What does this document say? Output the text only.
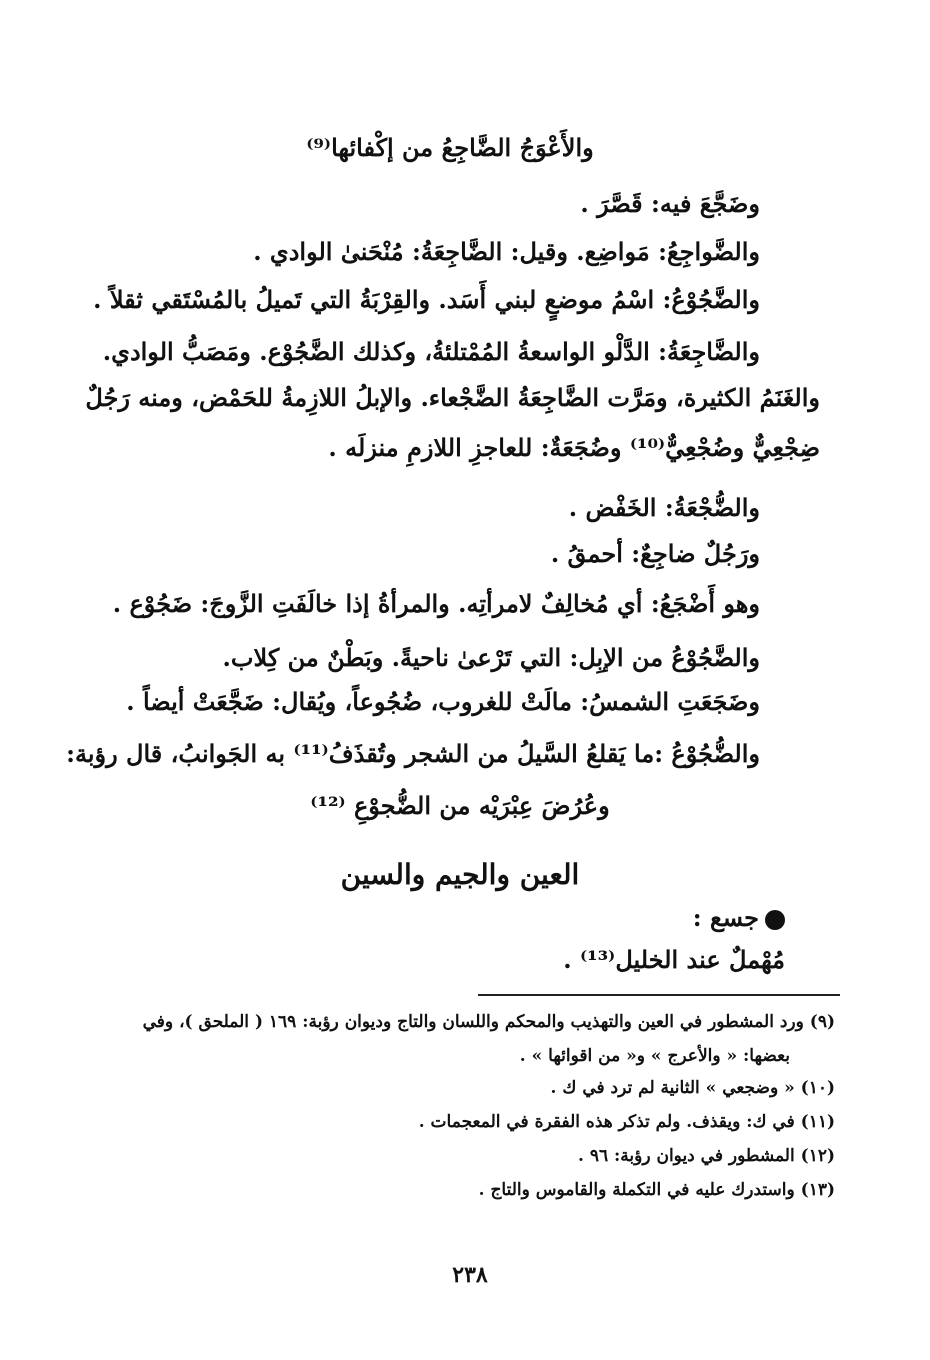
والأَعْوَجُ الضَّاجِعُ من إكْفائها⁽⁹⁾
وضَجَّعَ فيه: قَصَّرَ .
والضَّواجِعُ: مَواضِع. وقيل: الضَّاجِعَةُ: مُنْحَنىٰ الوادي .
والضَّجُوْعُ: اسْمُ موضعٍ لبني أَسَد. والقِرْبَةُ التي تَميلُ بالمُسْتَقي ثقلاً .
والضَّاجِعَةُ: الدَّلْو الواسعةُ المُمْتلئةُ، وكذلك الضَّجُوْع. ومَصَبُّ الوادي.
والغَنَمُ الكثيرة، ومَرَّت الضَّاجِعَةُ الضَّجْعاء. والإبلُ اللازِمةُ للحَمْض، ومنه رَجُلٌ
ضِجْعِيٌّ وضُجْعِيٌّ⁽¹⁰⁾ وضُجَعَةٌ: للعاجزِ اللازمِ منزلَه .
والضُّجْعَةُ: الخَفْض .
ورَجُلٌ ضاجِعٌ: أحمقُ .
وهو أَضْجَعُ: أي مُخالِفٌ لامرأتِه. والمرأةُ إذا خالَفَتِ الزَّوجَ: ضَجُوْع .
والضَّجُوْعُ من الإبِل: التي تَرْعىٰ ناحيةً. وبَطْنٌ من كِلاب.
وضَجَعَتِ الشمسُ: مالَتْ للغروب، ضُجُوعاً، ويُقال: ضَجَّعَتْ أيضاً .
والضُّجُوْعُ :ما يَقلعُ السَّيلُ من الشجر وتُقذَفُ⁽¹¹⁾ به الجَوانبُ، قال رؤبة:
وعُرُضَ عِبْرَيْه من الضُّجوْعِ ⁽¹²⁾
العين والجيم والسين
جسع :
مُهْملٌ عند الخليل⁽¹³⁾ .
(٩) ورد المشطور في العين والتهذيب والمحكم واللسان والتاج وديوان رؤبة: ١٦٩ ( الملحق )، وفي
بعضها: « والأعرج » و« من اقوائها » .
(١٠) « وضجعي » الثانية لم ترد في ك .
(١١) في ك: ويقذف. ولم تذكر هذه الفقرة في المعجمات .
(١٢) المشطور في ديوان رؤبة: ٩٦ .
(١٣) واستدرك عليه في التكملة والقاموس والتاج .
٢٣٨
